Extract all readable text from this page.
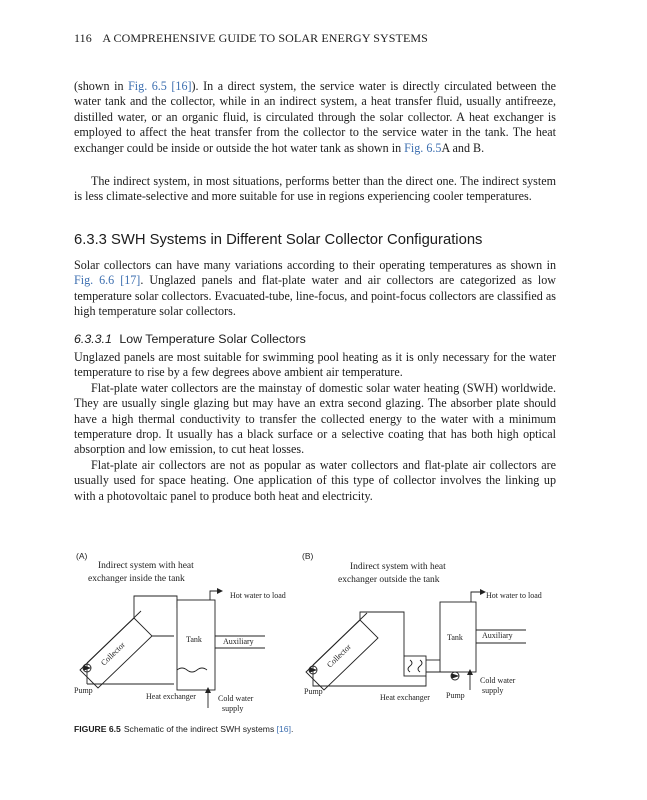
116 A COMPREHENSIVE GUIDE TO SOLAR ENERGY SYSTEMS

(shown in Fig. 6.5 [16]). In a direct system, the service water is directly circulated between the water tank and the collector, while in an indirect system, a heat transfer fluid, usually antifreeze, distilled water, or an organic fluid, is circulated through the solar collector. A heat exchanger is employed to affect the heat transfer from the collector to the service water in the tank. The heat exchanger could be inside or outside the hot water tank as shown in Fig. 6.5A and B.

The indirect system, in most situations, performs better than the direct one. The indirect system is less climate-selective and more suitable for use in regions experiencing cooler temperatures.

6.3.3 SWH Systems in Different Solar Collector Configurations

Solar collectors can have many variations according to their operating temperatures as shown in Fig. 6.6 [17]. Unglazed panels and flat-plate water and air collectors are categorized as low temperature solar collectors. Evacuated-tube, line-focus, and point-focus collectors are classified as high temperature solar collectors.

6.3.3.1 Low Temperature Solar Collectors

Unglazed panels are most suitable for swimming pool heating as it is only necessary for the water temperature to rise by a few degrees above ambient air temperature.

Flat-plate water collectors are the mainstay of domestic solar water heating (SWH) worldwide. They are usually single glazing but may have an extra second glazing. The absorber plate should have a high thermal conductivity to transfer the collected energy to the water with a minimum temperature drop. It usually has a black surface or a selective coating that has both high optical absorption and low emission, to cut heat losses.

Flat-plate air collectors are not as popular as water collectors and flat-plate air collectors are usually used for space heating. One application of this type of collector involves the linking up with a photovoltaic panel to produce both heat and electricity.

(A)
Indirect system with heat
exchanger inside the tank
Collector
Pump
Tank	Auxiliary
Hot water to load
Cold water
supply
Heat exchanger
(B)
Indirect system with heat
exchanger outside the tank
Collector
Pump
Heat exchanger Pump
Tank Auxiliary
Hot water to load
Cold water
supply
FIGURE 6.5 Schematic of the indirect SWH systems [16].
